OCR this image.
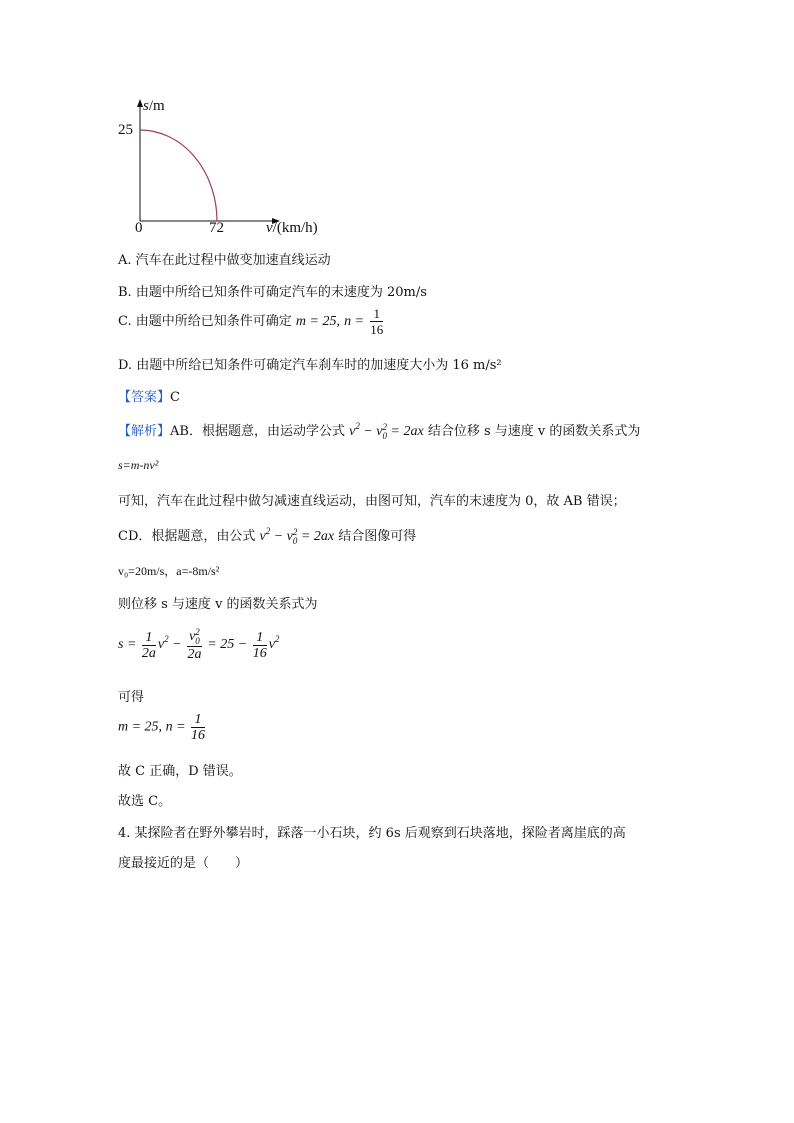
s/m
25
0	72	v/(km/h)
A. 汽车在此过程中做变加速直线运动
B. 由题中所给已知条件可确定汽车的末速度为 20m/s
C. 由题中所给已知条件可确定 m = 25, $n = \frac{1}{16}$
D. 由题中所给已知条件可确定汽车刹车时的加速度大小为 16 m/s²
【答案】C
【解析】AB．根据题意，由运动学公式 $v^2 - v$ 2
0 = 2ax 结合位移 s 与速度 v 的函数关系式为
s=m-nv²
可知，汽车在此过程中做匀减速直线运动，由图可知，汽车的末速度为 0，故 AB 错误；
CD．根据题意，由公式 $v^2 - v$ 2
0 = 2ax 结合图像可得
v₀=20m/s，a=-8m/s²
则位移 s 与速度 v 的函数关系式为
$s = \frac{1}{2a} v^2 - v$ 2
0
$2a = 25 - \frac{1}{16} v^2$
可得
m = 25, $n = \frac{1}{16}$
故 C 正确，D 错误。
故选 C。
4. 某探险者在野外攀岩时，踩落一小石块，约 6s 后观察到石块落地，探险者离崖底的高
度最接近的是（　　）
